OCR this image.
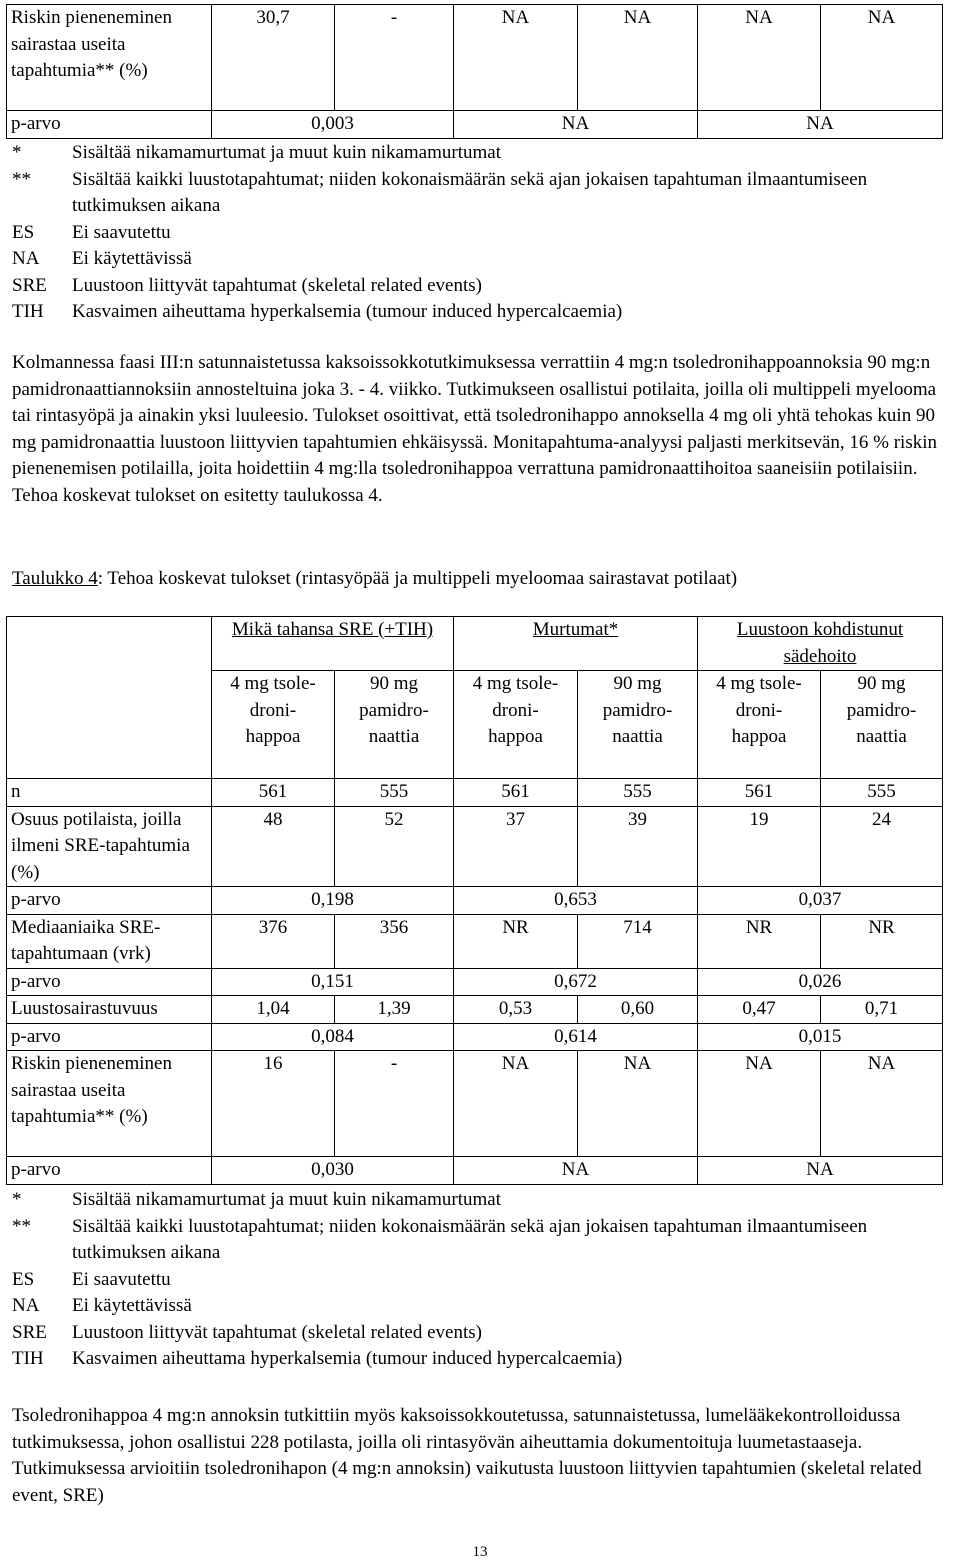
Riskin pieneneminen sairastaa useita tapahtumia** (%)	30,7	-	NA	NA	NA	NA
p-arvo	0,003		NA		NA	
*	Sisältää nikamamurtumat ja muut kuin nikamamurtumat
**	Sisältää kaikki luustotapahtumat; niiden kokonaismäärän sekä ajan jokaisen tapahtuman ilmaantumiseen tutkimuksen aikana
ES	Ei saavutettu
NA	Ei käytettävissä
SRE	Luustoon liittyvät tapahtumat (skeletal related events)
TIH	Kasvaimen aiheuttama hyperkalsemia (tumour induced hypercalcaemia)
Kolmannessa faasi III:n satunnaistetussa kaksoissokkotutkimuksessa verrattiin 4 mg:n tsoledronihappoannoksia 90 mg:n pamidronaattiannoksiin annosteltuina joka 3. - 4. viikko. Tutkimukseen osallistui potilaita, joilla oli multippeli myelooma tai rintasyöpä ja ainakin yksi luuleesio. Tulokset osoittivat, että tsoledronihappo annoksella 4 mg oli yhtä tehokas kuin 90 mg pamidronaattia luustoon liittyvien tapahtumien ehkäisyssä. Monitapahtuma-analyysi paljasti merkitsevän, 16 % riskin pienenemisen potilailla, joita hoidettiin 4 mg:lla tsoledronihappoa verrattuna pamidronaattihoitoa saaneisiin potilaisiin. Tehoa koskevat tulokset on esitetty taulukossa 4.
Taulukko 4: Tehoa koskevat tulokset (rintasyöpää ja multippeli myeloomaa sairastavat potilaat)
	Mikä tahansa SRE (+TIH)		Murtumat*		Luustoon kohdistunut sädehoito	
	4 mg tsole-droni-happoa	90 mg pamidro-naattia	4 mg tsole-droni-happoa	90 mg pamidro-naattia	4 mg tsole-droni-happoa	90 mg pamidro-naattia
n	561	555	561	555	561	555
Osuus potilaista, joilla ilmeni SRE-tapahtumia (%)	48	52	37	39	19	24
p-arvo	0,198		0,653		0,037	
Mediaaniaika SRE-tapahtumaan (vrk)	376	356	NR	714	NR	NR
p-arvo	0,151		0,672		0,026	
Luustosairastuvuus	1,04	1,39	0,53	0,60	0,47	0,71
p-arvo	0,084		0,614		0,015	
Riskin pieneneminen sairastaa useita tapahtumia** (%)	16	-	NA	NA	NA	NA
p-arvo	0,030		NA		NA	
*	Sisältää nikamamurtumat ja muut kuin nikamamurtumat
**	Sisältää kaikki luustotapahtumat; niiden kokonaismäärän sekä ajan jokaisen tapahtuman ilmaantumiseen tutkimuksen aikana
ES	Ei saavutettu
NA	Ei käytettävissä
SRE	Luustoon liittyvät tapahtumat (skeletal related events)
TIH	Kasvaimen aiheuttama hyperkalsemia (tumour induced hypercalcaemia)
Tsoledronihappoa 4 mg:n annoksin tutkittiin myös kaksoissokkoutetussa, satunnaistetussa, lumelääkekontrolloidussa tutkimuksessa, johon osallistui 228 potilasta, joilla oli rintasyövän aiheuttamia dokumentoituja luumetastaaseja. Tutkimuksessa arvioitiin tsoledronihapon (4 mg:n annoksin) vaikutusta luustoon liittyvien tapahtumien (skeletal related event, SRE)
13
